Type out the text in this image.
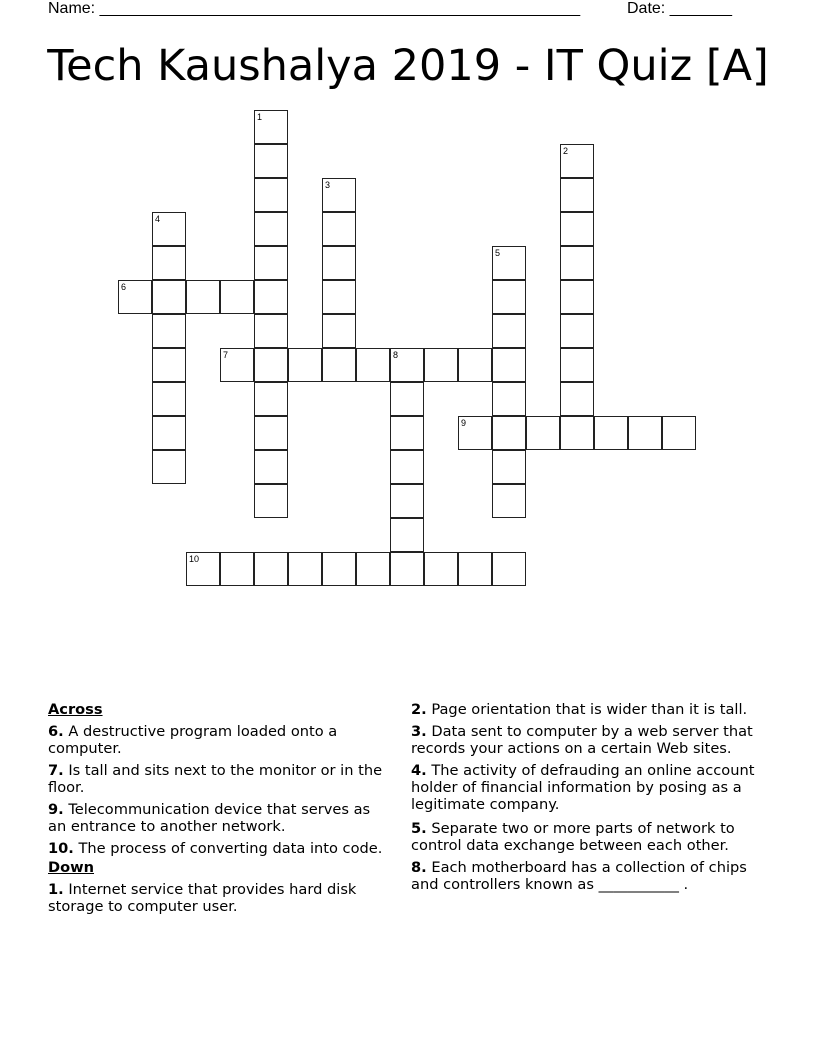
Name: ______________________________________________________	Date: _______
Tech Kaushalya 2019 - IT Quiz [A]
1
2
3
4
5
6
7	8
9
10
Across
6. A destructive program loaded onto a computer.
7. Is tall and sits next to the monitor or in the floor.
9. Telecommunication device that serves as an entrance to another network.
10. The process of converting data into code.
Down
1. Internet service that provides hard disk storage to computer user.
2. Page orientation that is wider than it is tall.
3. Data sent to computer by a web server that records your actions on a certain Web sites.
4. The activity of defrauding an online account holder of financial information by posing as a legitimate company.
5. Separate two or more parts of network to control data exchange between each other.
8. Each motherboard has a collection of chips and controllers known as ___________ .
